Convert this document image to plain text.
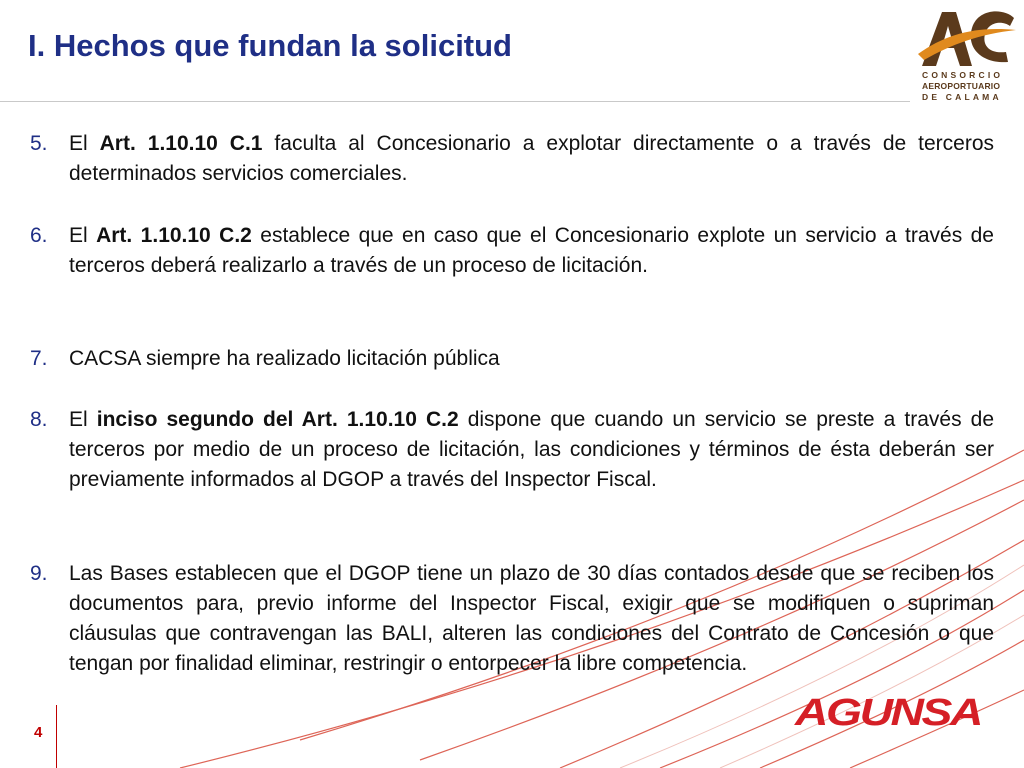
I. Hechos que fundan la solicitud
CONSORCIO
AEROPORTUARIO
DE CALAMA
5.	El Art. 1.10.10 C.1 faculta al Concesionario a explotar directamente o a través de terceros determinados servicios comerciales.
6.	El Art. 1.10.10 C.2 establece que en caso que el Concesionario explote un servicio a través de terceros deberá realizarlo a través de un proceso de licitación.
7.	CACSA siempre ha realizado licitación pública
8.	El inciso segundo del Art. 1.10.10 C.2 dispone que cuando un servicio se preste a través de terceros por medio de un proceso de licitación, las condiciones y términos de ésta deberán ser previamente informados al DGOP a través del Inspector Fiscal.
9.	Las Bases establecen que el DGOP tiene un plazo de 30 días contados desde que se reciben los documentos para, previo informe del Inspector Fiscal, exigir que se modifiquen o supriman cláusulas que contravengan las BALI, alteren las condiciones del Contrato de Concesión o que tengan por finalidad eliminar, restringir o entorpecer la libre competencia.
4	AGUNSA
